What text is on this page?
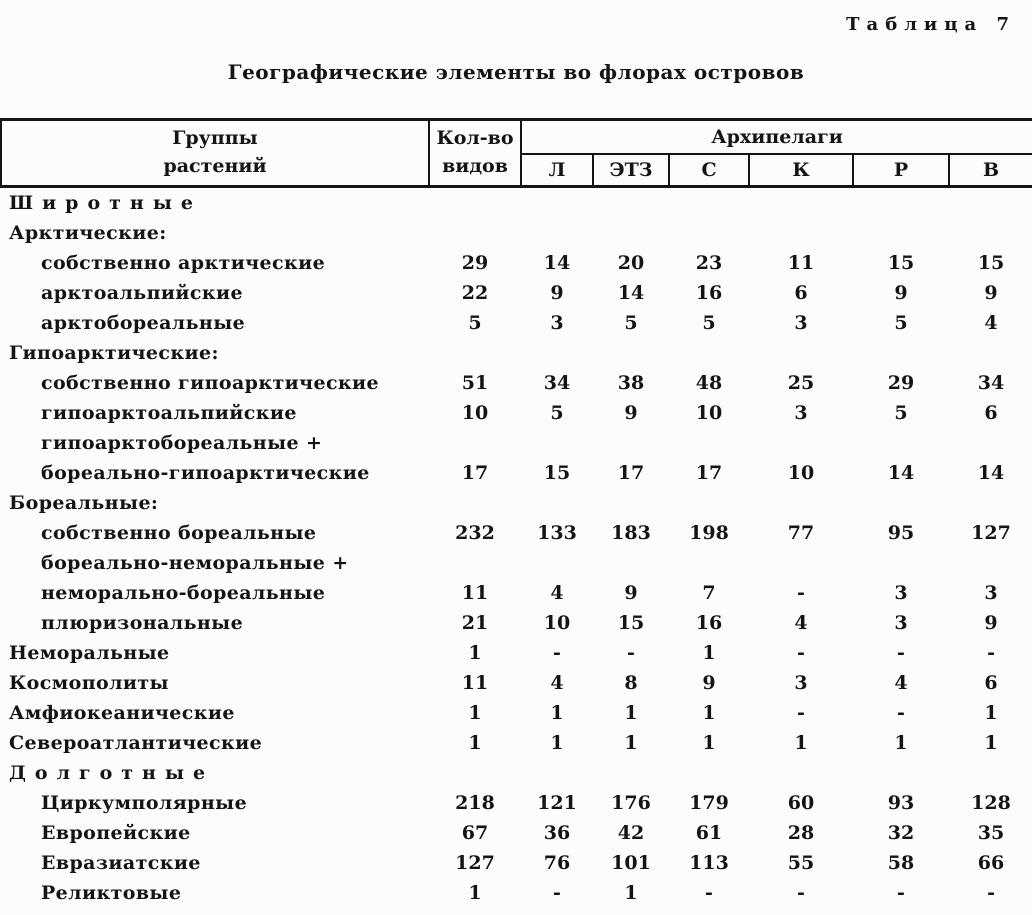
Таблица 7
Географические элементы во флорах островов
Группы
растений

Кол-во
видов
	Архипелаги
		Л	ЭТЗ	С	К	Р	В
Широтные							
Арктические:							
собственно арктические	29	14	20	23	11	15	15
арктоальпийские	22	9	14	16	6	9	9
арктобореальные	5	3	5	5	3	5	4
Гипоарктические:							
собственно гипоарктические	51	34	38	48	25	29	34
гипоарктоальпийские	10	5	9	10	3	5	6
гипоарктобореальные +							
бореально-гипоарктические	17	15	17	17	10	14	14
Бореальные:							
собственно бореальные	232	133	183	198	77	95	127
бореально-неморальные +							
неморально-бореальные	11	4	9	7	-	3	3
плюризональные	21	10	15	16	4	3	9
Неморальные	1	-	-	1	-	-	-
Космополиты	11	4	8	9	3	4	6
Амфиокеанические	1	1	1	1	-	-	1
Североатлантические	1	1	1	1	1	1	1
Долготные							
Циркумполярные	218	121	176	179	60	93	128
Европейские	67	36	42	61	28	32	35
Евразиатские	127	76	101	113	55	58	66
Реликтовые	1	-	1	-	-	-	-
